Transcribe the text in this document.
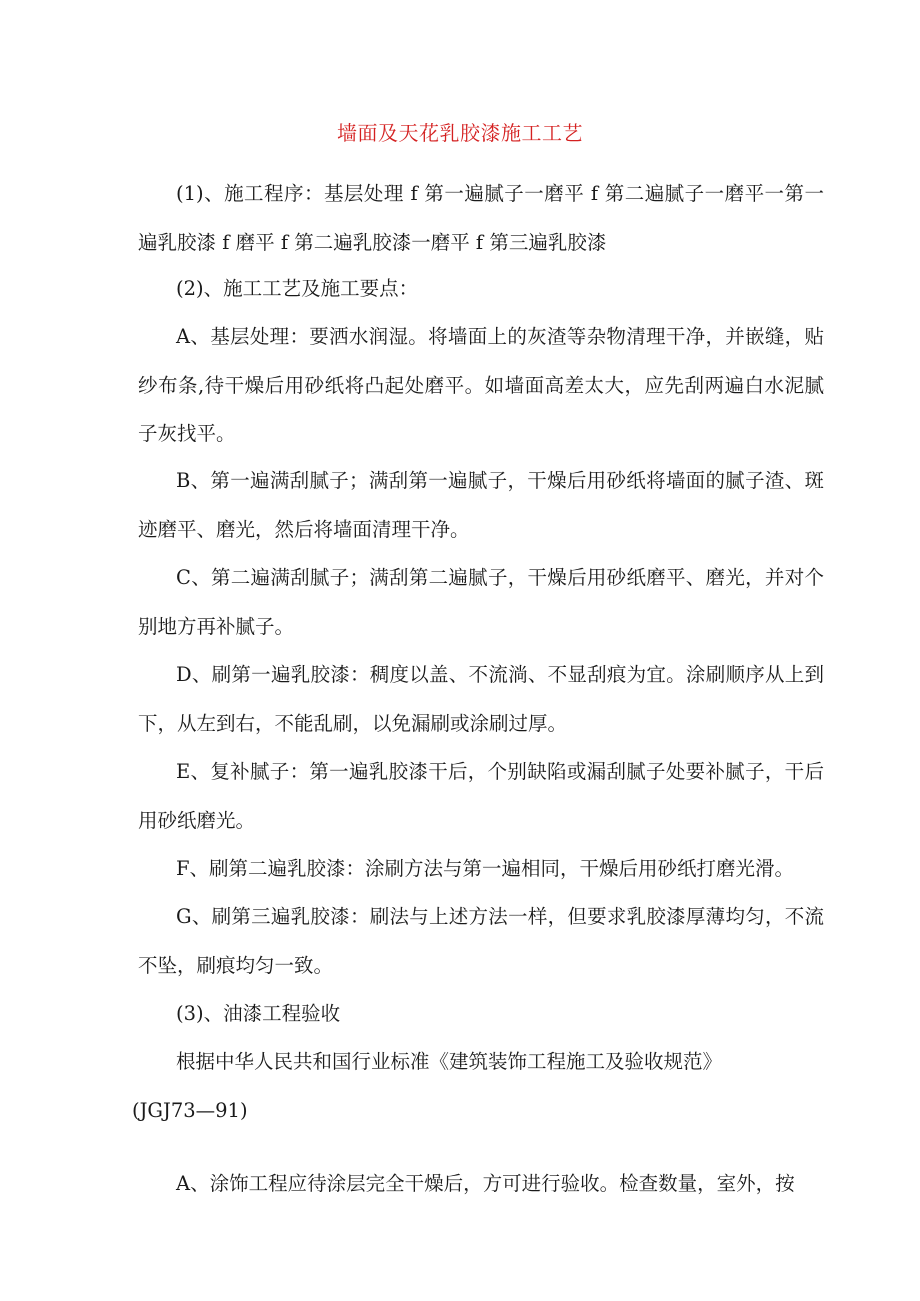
墙面及天花乳胶漆施工工艺

(1)、施工程序：基层处理 f 第一遍腻子一磨平 f 第二遍腻子一磨平一第一遍乳胶漆 f 磨平 f 第二遍乳胶漆一磨平 f 第三遍乳胶漆

(2)、施工工艺及施工要点：

A、基层处理：要洒水润湿。将墙面上的灰渣等杂物清理干净，并嵌缝，贴纱布条,待干燥后用砂纸将凸起处磨平。如墙面高差太大，应先刮两遍白水泥腻子灰找平。

B、第一遍满刮腻子；满刮第一遍腻子，干燥后用砂纸将墙面的腻子渣、斑迹磨平、磨光，然后将墙面清理干净。

C、第二遍满刮腻子；满刮第二遍腻子，干燥后用砂纸磨平、磨光，并对个别地方再补腻子。

D、刷第一遍乳胶漆：稠度以盖、不流淌、不显刮痕为宜。涂刷顺序从上到下，从左到右，不能乱刷，以免漏刷或涂刷过厚。

E、复补腻子：第一遍乳胶漆干后，个别缺陷或漏刮腻子处要补腻子，干后用砂纸磨光。

F、刷第二遍乳胶漆：涂刷方法与第一遍相同，干燥后用砂纸打磨光滑。

G、刷第三遍乳胶漆：刷法与上述方法一样，但要求乳胶漆厚薄均匀，不流不坠，刷痕均匀一致。

(3)、油漆工程验收

根据中华人民共和国行业标准《建筑装饰工程施工及验收规范》

(JGJ73—91)

A、涂饰工程应待涂层完全干燥后，方可进行验收。检查数量，室外，按
